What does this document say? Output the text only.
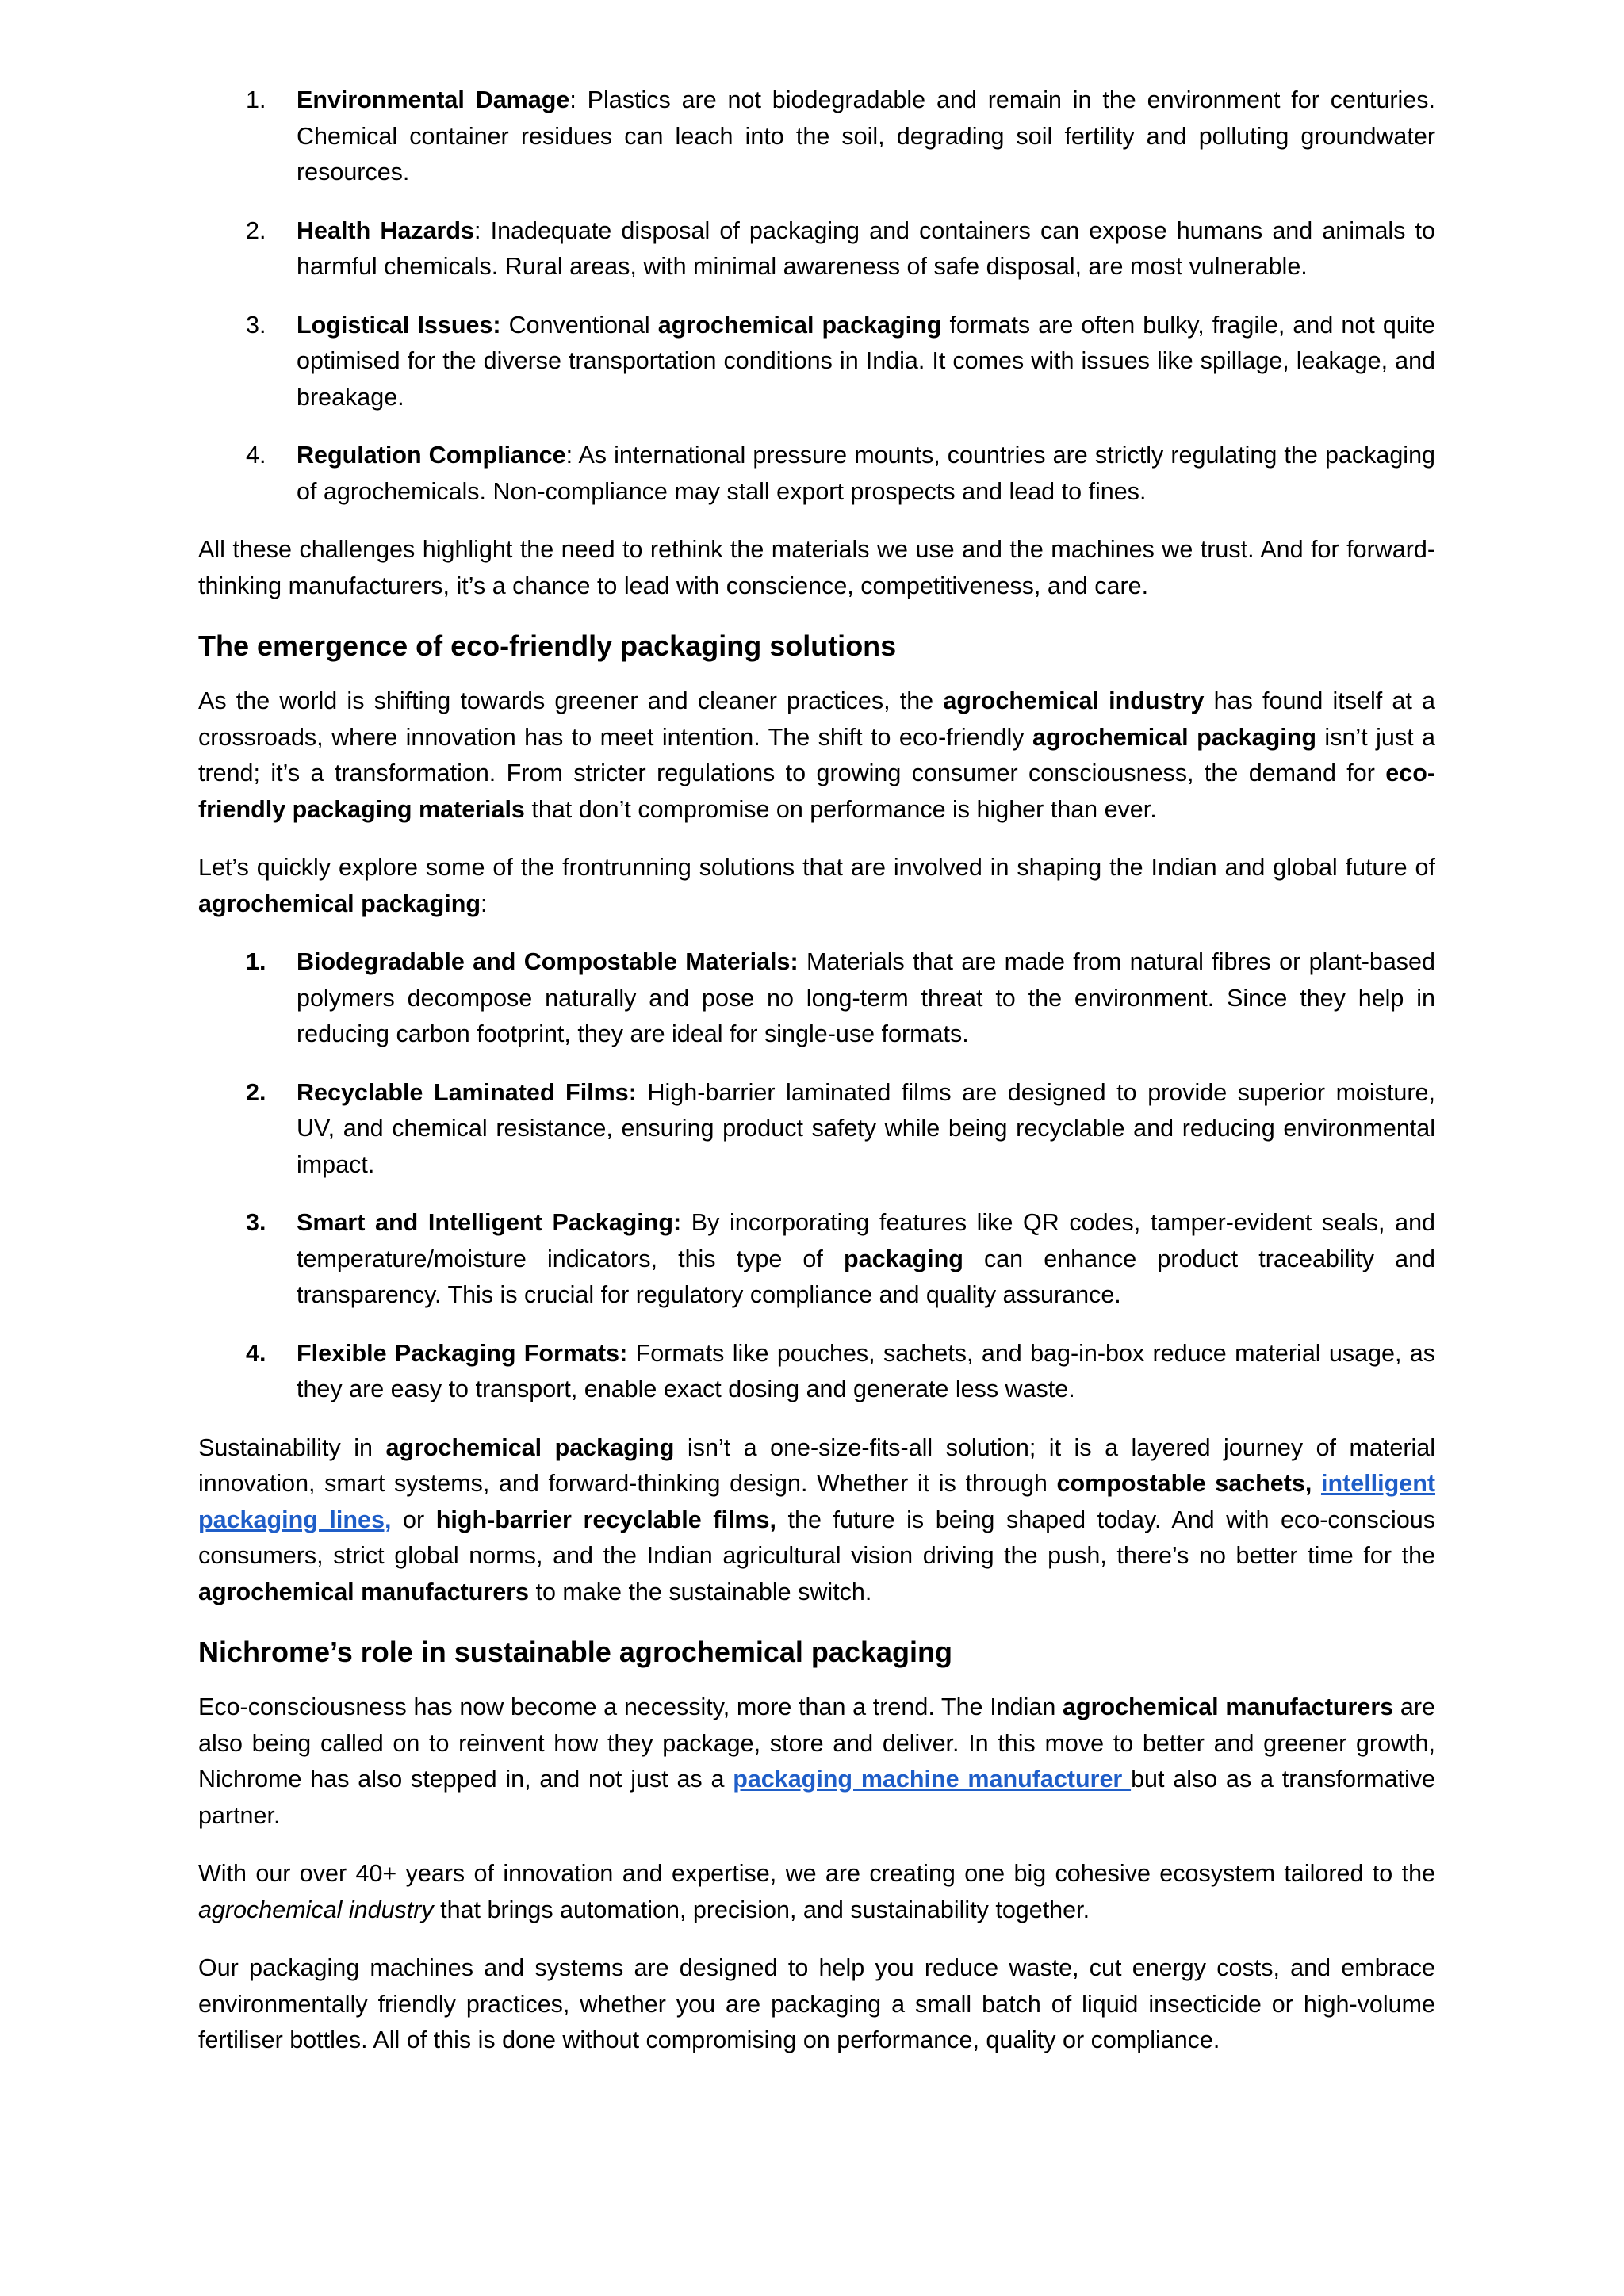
1. Environmental Damage: Plastics are not biodegradable and remain in the environment for centuries. Chemical container residues can leach into the soil, degrading soil fertility and polluting groundwater resources.
2. Health Hazards: Inadequate disposal of packaging and containers can expose humans and animals to harmful chemicals. Rural areas, with minimal awareness of safe disposal, are most vulnerable.
3. Logistical Issues: Conventional agrochemical packaging formats are often bulky, fragile, and not quite optimised for the diverse transportation conditions in India. It comes with issues like spillage, leakage, and breakage.
4. Regulation Compliance: As international pressure mounts, countries are strictly regulating the packaging of agrochemicals. Non-compliance may stall export prospects and lead to fines.

All these challenges highlight the need to rethink the materials we use and the machines we trust. And for forward-thinking manufacturers, it’s a chance to lead with conscience, competitiveness, and care.

The emergence of eco-friendly packaging solutions

As the world is shifting towards greener and cleaner practices, the agrochemical industry has found itself at a crossroads, where innovation has to meet intention. The shift to eco-friendly agrochemical packaging isn’t just a trend; it’s a transformation. From stricter regulations to growing consumer consciousness, the demand for eco-friendly packaging materials that don’t compromise on performance is higher than ever.

Let’s quickly explore some of the frontrunning solutions that are involved in shaping the Indian and global future of agrochemical packaging:

1. Biodegradable and Compostable Materials: Materials that are made from natural fibres or plant-based polymers decompose naturally and pose no long-term threat to the environment. Since they help in reducing carbon footprint, they are ideal for single-use formats.
2. Recyclable Laminated Films: High-barrier laminated films are designed to provide superior moisture, UV, and chemical resistance, ensuring product safety while being recyclable and reducing environmental impact.
3. Smart and Intelligent Packaging: By incorporating features like QR codes, tamper-evident seals, and temperature/moisture indicators, this type of packaging can enhance product traceability and transparency. This is crucial for regulatory compliance and quality assurance.
4. Flexible Packaging Formats: Formats like pouches, sachets, and bag-in-box reduce material usage, as they are easy to transport, enable exact dosing and generate less waste.

Sustainability in agrochemical packaging isn’t a one-size-fits-all solution; it is a layered journey of material innovation, smart systems, and forward-thinking design. Whether it is through compostable sachets, intelligent packaging lines, or high-barrier recyclable films, the future is being shaped today. And with eco-conscious consumers, strict global norms, and the Indian agricultural vision driving the push, there’s no better time for the agrochemical manufacturers to make the sustainable switch.

Nichrome’s role in sustainable agrochemical packaging

Eco-consciousness has now become a necessity, more than a trend. The Indian agrochemical manufacturers are also being called on to reinvent how they package, store and deliver. In this move to better and greener growth, Nichrome has also stepped in, and not just as a packaging machine manufacturer but also as a transformative partner.

With our over 40+ years of innovation and expertise, we are creating one big cohesive ecosystem tailored to the agrochemical industry that brings automation, precision, and sustainability together.

Our packaging machines and systems are designed to help you reduce waste, cut energy costs, and embrace environmentally friendly practices, whether you are packaging a small batch of liquid insecticide or high-volume fertiliser bottles. All of this is done without compromising on performance, quality or compliance.
